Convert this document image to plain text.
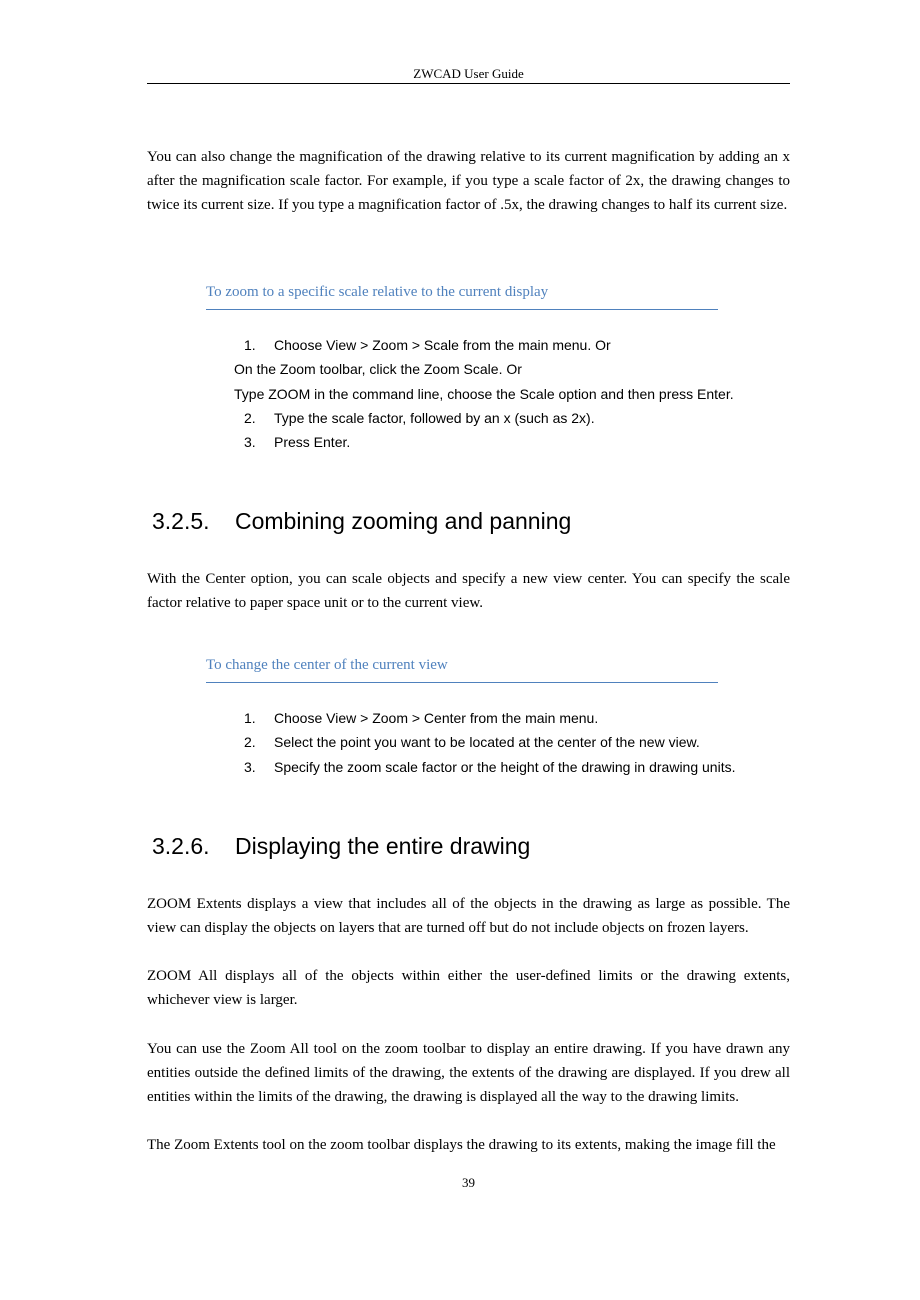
ZWCAD User Guide

You can also change the magnification of the drawing relative to its current magnification by adding an x after the magnification scale factor. For example, if you type a scale factor of 2x, the drawing changes to twice its current size. If you type a magnification factor of .5x, the drawing changes to half its current size.

To zoom to a specific scale relative to the current display

1. Choose View > Zoom > Scale from the main menu. Or
On the Zoom toolbar, click the Zoom Scale. Or
Type ZOOM in the command line, choose the Scale option and then press Enter.
2. Type the scale factor, followed by an x (such as 2x).
3. Press Enter.
3.2.5. Combining zooming and panning

With the Center option, you can scale objects and specify a new view center. You can specify the scale factor relative to paper space unit or to the current view.

To change the center of the current view

1. Choose View > Zoom > Center from the main menu.
2. Select the point you want to be located at the center of the new view.
3. Specify the zoom scale factor or the height of the drawing in drawing units.
3.2.6. Displaying the entire drawing

ZOOM Extents displays a view that includes all of the objects in the drawing as large as possible. The view can display the objects on layers that are turned off but do not include objects on frozen layers.

ZOOM All displays all of the objects within either the user-defined limits or the drawing extents, whichever view is larger.

You can use the Zoom All tool on the zoom toolbar to display an entire drawing. If you have drawn any entities outside the defined limits of the drawing, the extents of the drawing are displayed. If you drew all entities within the limits of the drawing, the drawing is displayed all the way to the drawing limits.

The Zoom Extents tool on the zoom toolbar displays the drawing to its extents, making the image fill the

39
